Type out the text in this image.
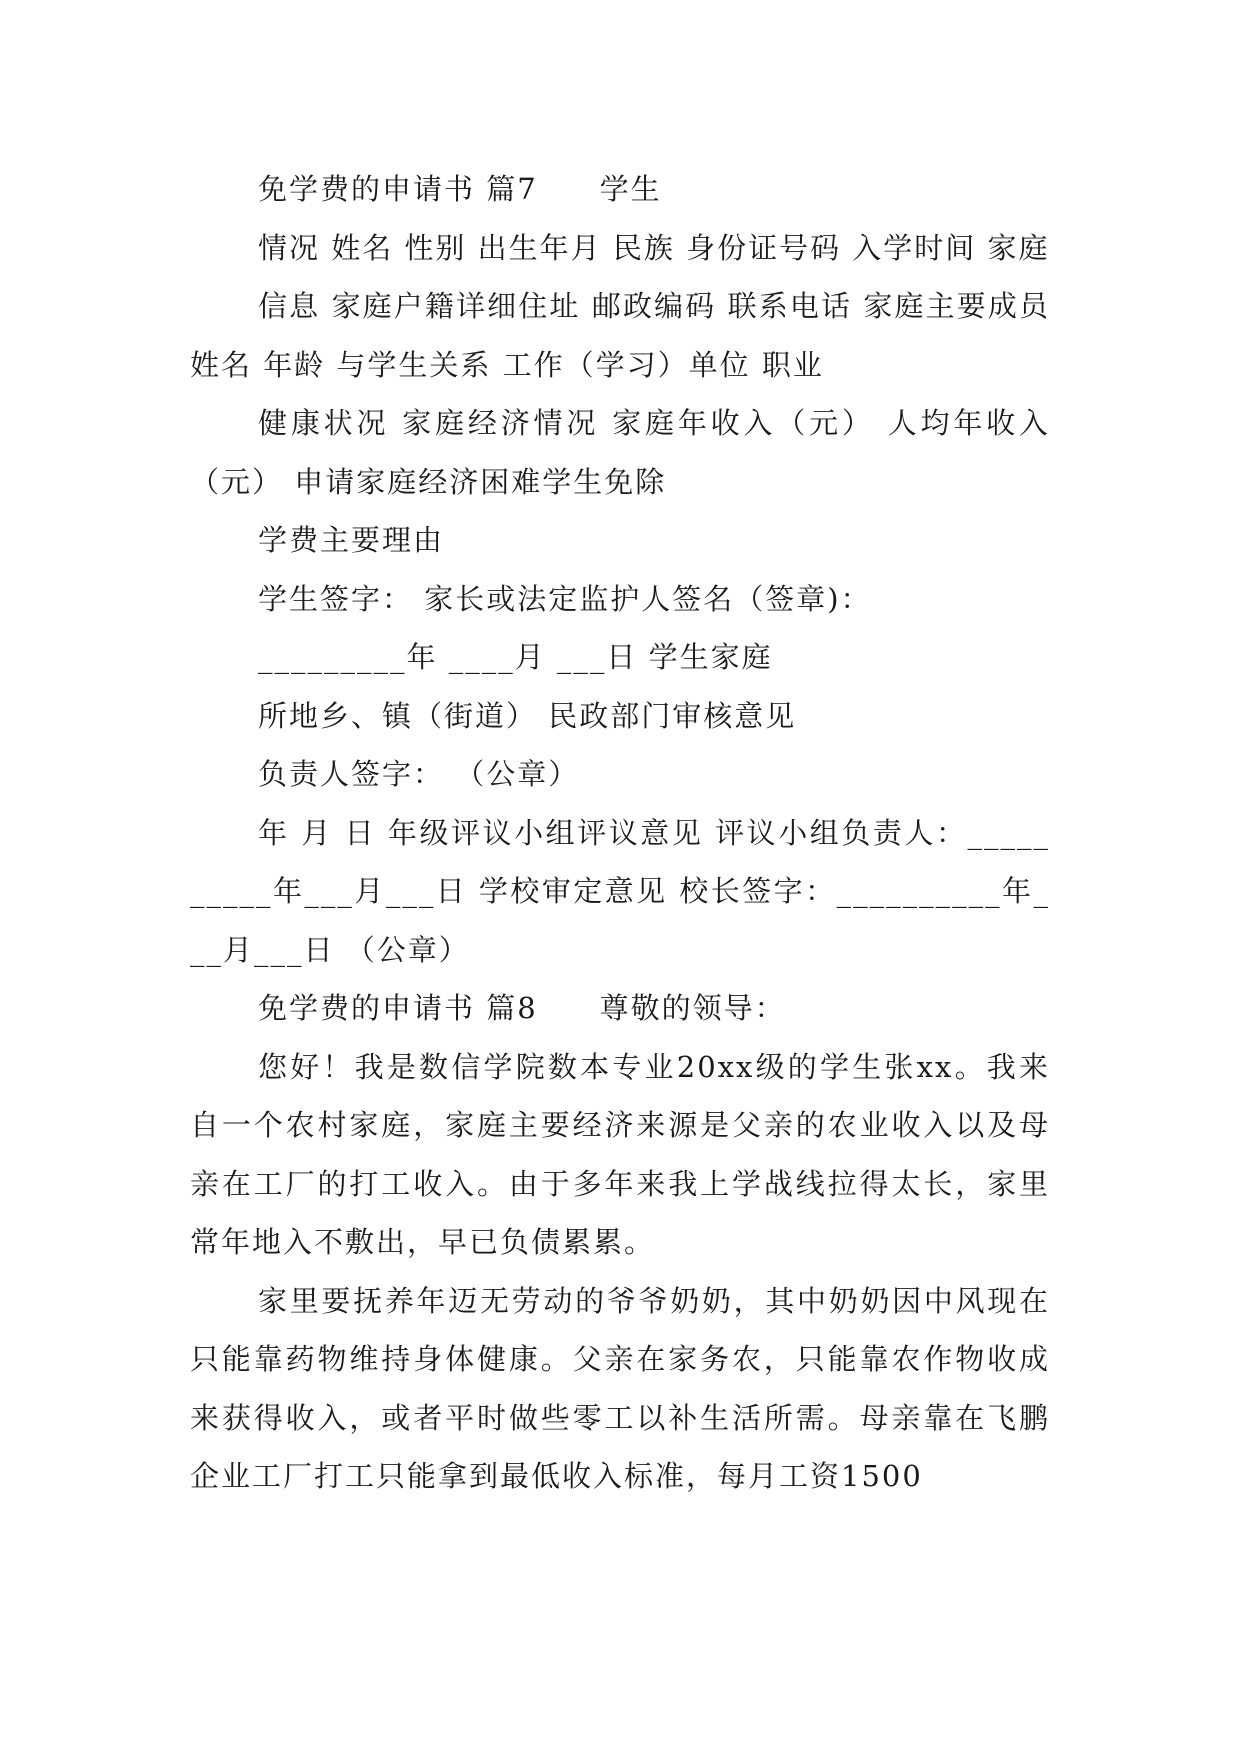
免学费的申请书 篇7　　学生

情况 姓名 性别 出生年月 民族 身份证号码 入学时间 家庭

信息 家庭户籍详细住址 邮政编码 联系电话 家庭主要成员 姓名 年龄 与学生关系 工作（学习）单位 职业

健康状况 家庭经济情况 家庭年收入（元） 人均年收入（元） 申请家庭经济困难学生免除

学费主要理由

学生签字： 家长或法定监护人签名（签章)：

_________年 ____月 ___日 学生家庭

所地乡、镇（街道） 民政部门审核意见

负责人签字： （公章）

年 月 日 年级评议小组评议意见 评议小组负责人：__________年___月___日 学校审定意见 校长签字：__________年___月___日 （公章）

免学费的申请书 篇8　　尊敬的领导：

您好！我是数信学院数本专业20xx级的学生张xx。我来自一个农村家庭，家庭主要经济来源是父亲的农业收入以及母亲在工厂的打工收入。由于多年来我上学战线拉得太长，家里常年地入不敷出，早已负债累累。

家里要抚养年迈无劳动的爷爷奶奶，其中奶奶因中风现在只能靠药物维持身体健康。父亲在家务农，只能靠农作物收成来获得收入，或者平时做些零工以补生活所需。母亲靠在飞鹏企业工厂打工只能拿到最低收入标准，每月工资1500
